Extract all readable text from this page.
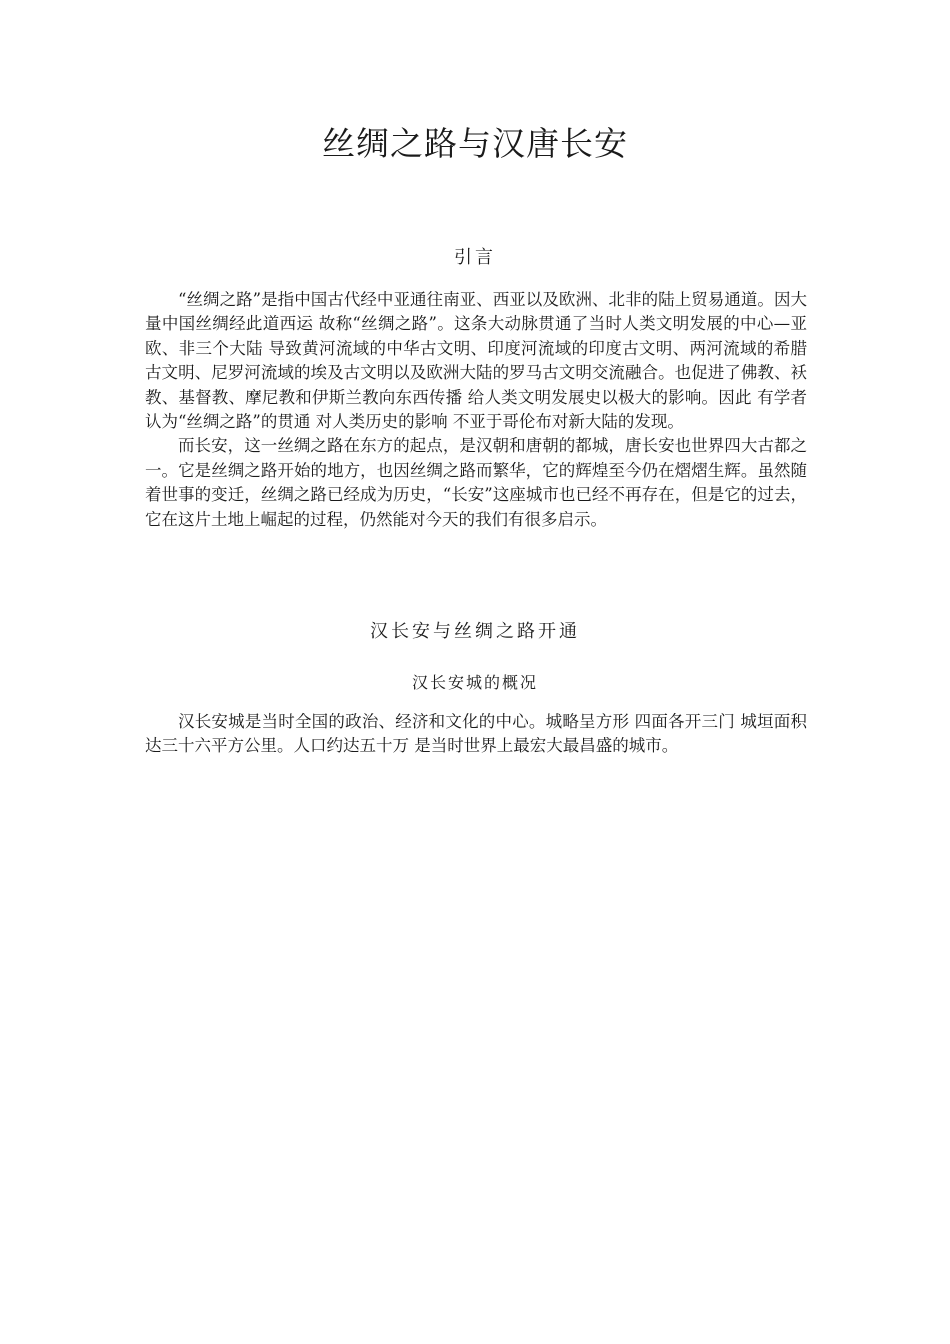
丝绸之路与汉唐长安
引言

“丝绸之路”是指中国古代经中亚通往南亚、西亚以及欧洲、北非的陆上贸易通道。因大量中国丝绸经此道西运 故称“丝绸之路”。这条大动脉贯通了当时人类文明发展的中心—亚欧、非三个大陆 导致黄河流域的中华古文明、印度河流域的印度古文明、两河流域的希腊古文明、尼罗河流域的埃及古文明以及欧洲大陆的罗马古文明交流融合。也促进了佛教、袄教、基督教、摩尼教和伊斯兰教向东西传播 给人类文明发展史以极大的影响。因此 有学者认为“丝绸之路”的贯通 对人类历史的影响 不亚于哥伦布对新大陆的发现。

而长安，这一丝绸之路在东方的起点，是汉朝和唐朝的都城，唐长安也世界四大古都之一。它是丝绸之路开始的地方，也因丝绸之路而繁华，它的辉煌至今仍在熠熠生辉。虽然随着世事的变迁，丝绸之路已经成为历史，“长安”这座城市也已经不再存在，但是它的过去，它在这片土地上崛起的过程，仍然能对今天的我们有很多启示。

汉长安与丝绸之路开通
汉长安城的概况

汉长安城是当时全国的政治、经济和文化的中心。城略呈方形 四面各开三门 城垣面积达三十六平方公里。人口约达五十万 是当时世界上最宏大最昌盛的城市。
